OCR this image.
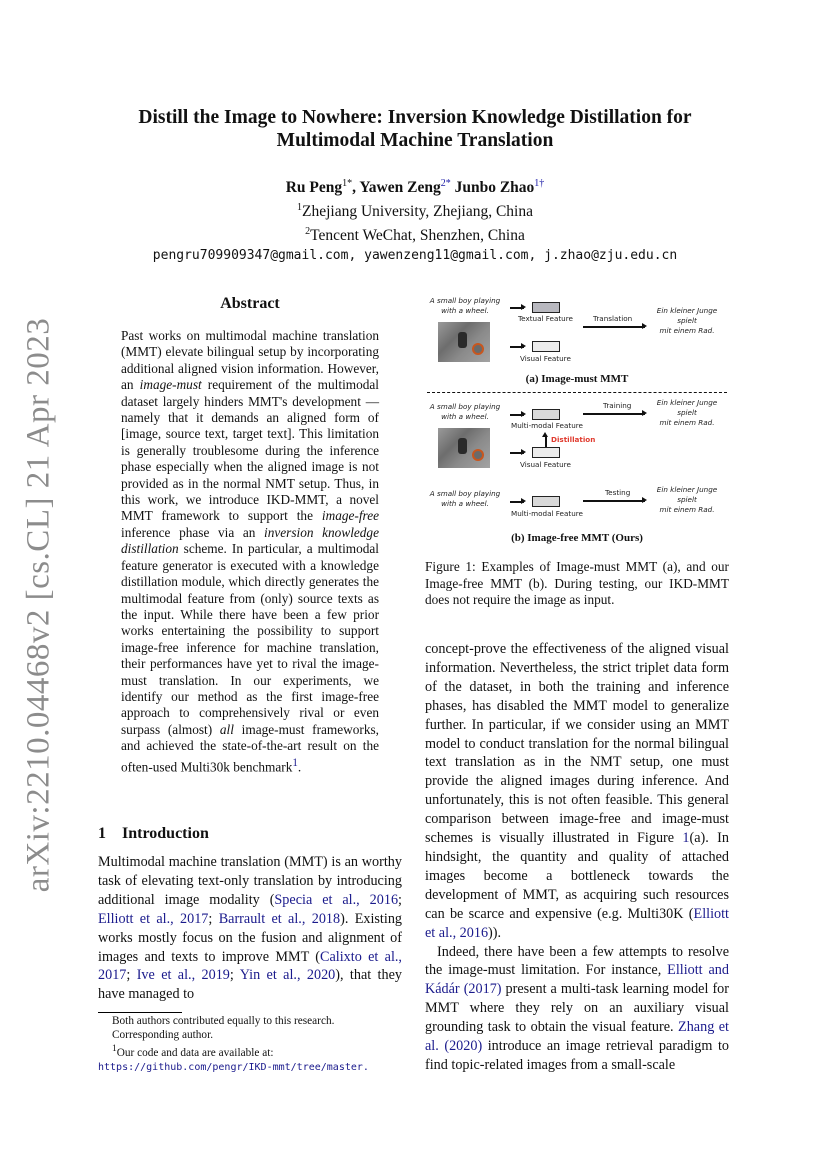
arXiv:2210.04468v2 [cs.CL] 21 Apr 2023
Distill the Image to Nowhere: Inversion Knowledge Distillation for
Multimodal Machine Translation
Ru Peng$^{1*}$, Yawen Zeng$^{2*}$ Junbo Zhao$^{1\dagger}$
$^1$Zhejiang University, Zhejiang, China
$^2$Tencent WeChat, Shenzhen, China
pengru709909347@gmail.com, yawenzeng11@gmail.com, j.zhao@zju.edu.cn
Abstract

Past works on multimodal machine translation (MMT) elevate bilingual setup by incorporating additional aligned vision information. However, an image-must requirement of the multimodal dataset largely hinders MMT's development — namely that it demands an aligned form of [image, source text, target text]. This limitation is generally troublesome during the inference phase especially when the aligned image is not provided as in the normal NMT setup. Thus, in this work, we introduce IKD-MMT, a novel MMT framework to support the image-free inference phase via an inversion knowledge distillation scheme. In particular, a multimodal feature generator is executed with a knowledge distillation module, which directly generates the multimodal feature from (only) source texts as the input. While there have been a few prior works entertaining the possibility to support image-free inference for machine translation, their performances have yet to rival the image-must translation. In our experiments, we identify our method as the first image-free approach to comprehensively rival or even surpass (almost) all image-must frameworks, and achieved the state-of-the-art result on the often-used Multi30k benchmark$^1$.

1 Introduction

Multimodal machine translation (MMT) is an worthy task of elevating text-only translation by introducing additional image modality (Specia et al., 2016; Elliott et al., 2017; Barrault et al., 2018). Existing works mostly focus on the fusion and alignment of images and texts to improve MMT (Calixto et al., 2017; Ive et al., 2019; Yin et al., 2020), that they have managed to

Both authors contributed equally to this research.

Corresponding author.

$^1$Our code and data are available at: https://github.com/pengr/IKD-mmt/tree/master.

A small boy playing
with a wheel.
Textual Feature
Visual Feature
Translation
Ein kleiner Junge
spielt
mit einem Rad.
(a) Image-must MMT
A small boy playing
with a wheel.
Multi-modal Feature
Distillation
Visual Feature
Training	Ein kleiner Junge
spielt
mit einem Rad.
A small boy playing
with a wheel.
Multi-modal Feature
Testing	Ein kleiner Junge
spielt
mit einem Rad.
(b) Image-free MMT (Ours)
Figure 1: Examples of Image-must MMT (a), and our Image-free MMT (b). During testing, our IKD-MMT does not require the image as input.

concept-prove the effectiveness of the aligned visual information. Nevertheless, the strict triplet data form of the dataset, in both the training and inference phases, has disabled the MMT model to generalize further. In particular, if we consider using an MMT model to conduct translation for the normal bilingual text translation as in the NMT setup, one must provide the aligned images during inference. And unfortunately, this is not often feasible. This general comparison between image-free and image-must schemes is visually illustrated in Figure 1(a). In hindsight, the quantity and quality of attached images become a bottleneck towards the development of MMT, as acquiring such resources can be scarce and expensive (e.g. Multi30K (Elliott et al., 2016)).

Indeed, there have been a few attempts to resolve the image-must limitation. For instance, Elliott and Kádár (2017) present a multi-task learning model for MMT where they rely on an auxiliary visual grounding task to obtain the visual feature. Zhang et al. (2020) introduce an image retrieval paradigm to find topic-related images from a small-scale
